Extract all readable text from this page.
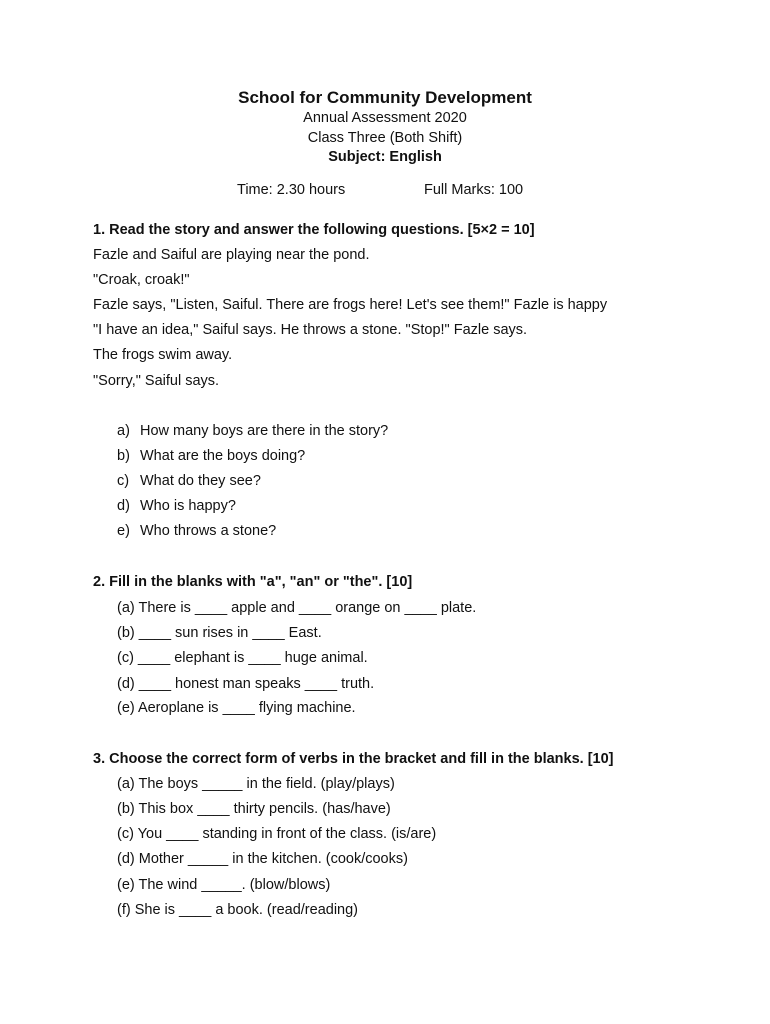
School for Community Development
Annual Assessment 2020
Class Three (Both Shift)
Subject: English
Time: 2.30 hours	Full Marks: 100
1. Read the story and answer the following questions. [5×2 = 10]
Fazle and Saiful are playing near the pond.
"Croak, croak!"
Fazle says, "Listen, Saiful. There are frogs here! Let's see them!" Fazle is happy
"I have an idea," Saiful says. He throws a stone. "Stop!" Fazle says.
The frogs swim away.
"Sorry," Saiful says.
a) How many boys are there in the story?
b) What are the boys doing?
c) What do they see?
d) Who is happy?
e) Who throws a stone?
2. Fill in the blanks with "a", "an" or "the". [10]
(a) There is ____ apple and ____ orange on ____ plate.
(b) ____ sun rises in ____ East.
(c) ____ elephant is ____ huge animal.
(d) ____ honest man speaks ____ truth.
(e) Aeroplane is ____ flying machine.
3. Choose the correct form of verbs in the bracket and fill in the blanks. [10]
(a) The boys _____ in the field. (play/plays)
(b) This box ____ thirty pencils. (has/have)
(c) You ____ standing in front of the class. (is/are)
(d) Mother _____ in the kitchen. (cook/cooks)
(e) The wind _____. (blow/blows)
(f) She is ____ a book. (read/reading)
